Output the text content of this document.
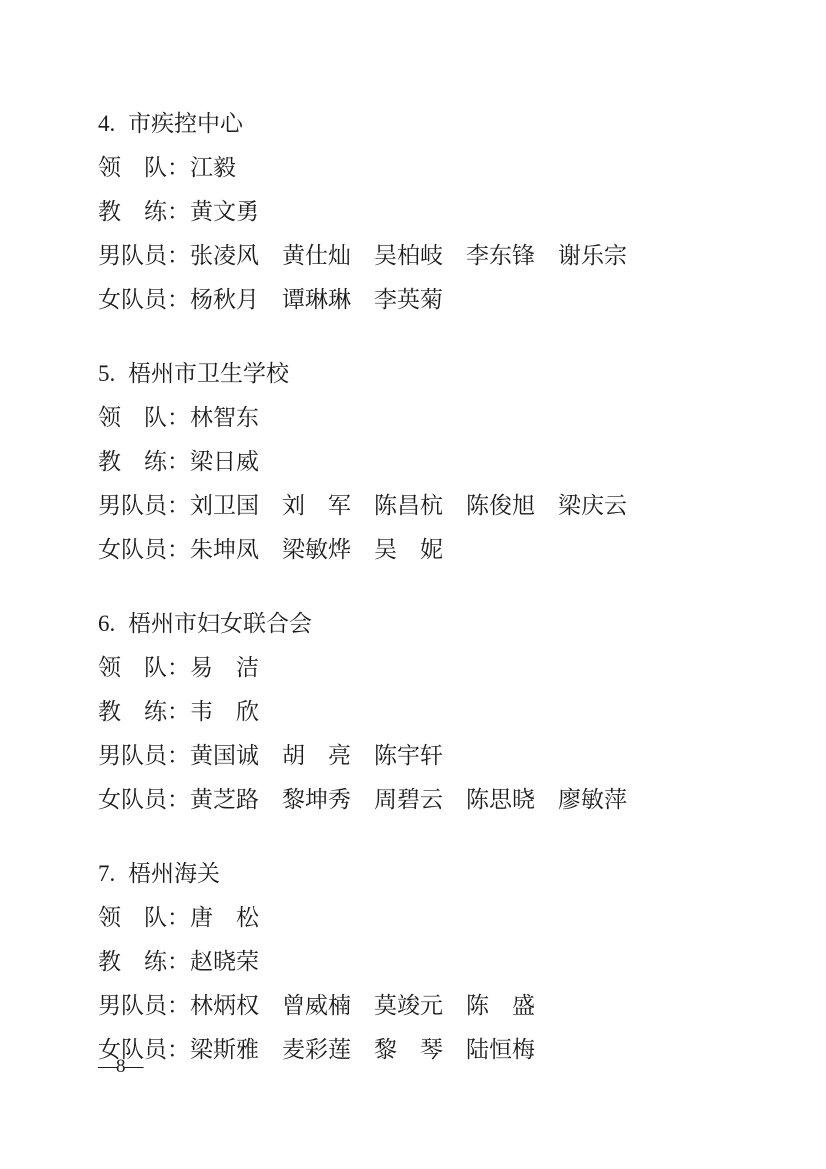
4. 市疾控中心
领　队：江毅
教　练：黄文勇
男队员：张凌风　黄仕灿　吴柏岐　李东锋　谢乐宗
女队员：杨秋月　谭琳琳　李英菊
5. 梧州市卫生学校
领　队：林智东
教　练：梁日威
男队员：刘卫国　刘　军　陈昌杭　陈俊旭　梁庆云
女队员：朱坤凤　梁敏烨　吴　妮
6. 梧州市妇女联合会
领　队：易　洁
教　练：韦　欣
男队员：黄国诚　胡　亮　陈宇轩
女队员：黄芝路　黎坤秀　周碧云　陈思晓　廖敏萍
7. 梧州海关
领　队：唐　松
教　练：赵晓荣
男队员：林炳权　曾威楠　莫竣元　陈　盛
女队员：梁斯雅　麦彩莲　黎　琴　陆恒梅
—8—
